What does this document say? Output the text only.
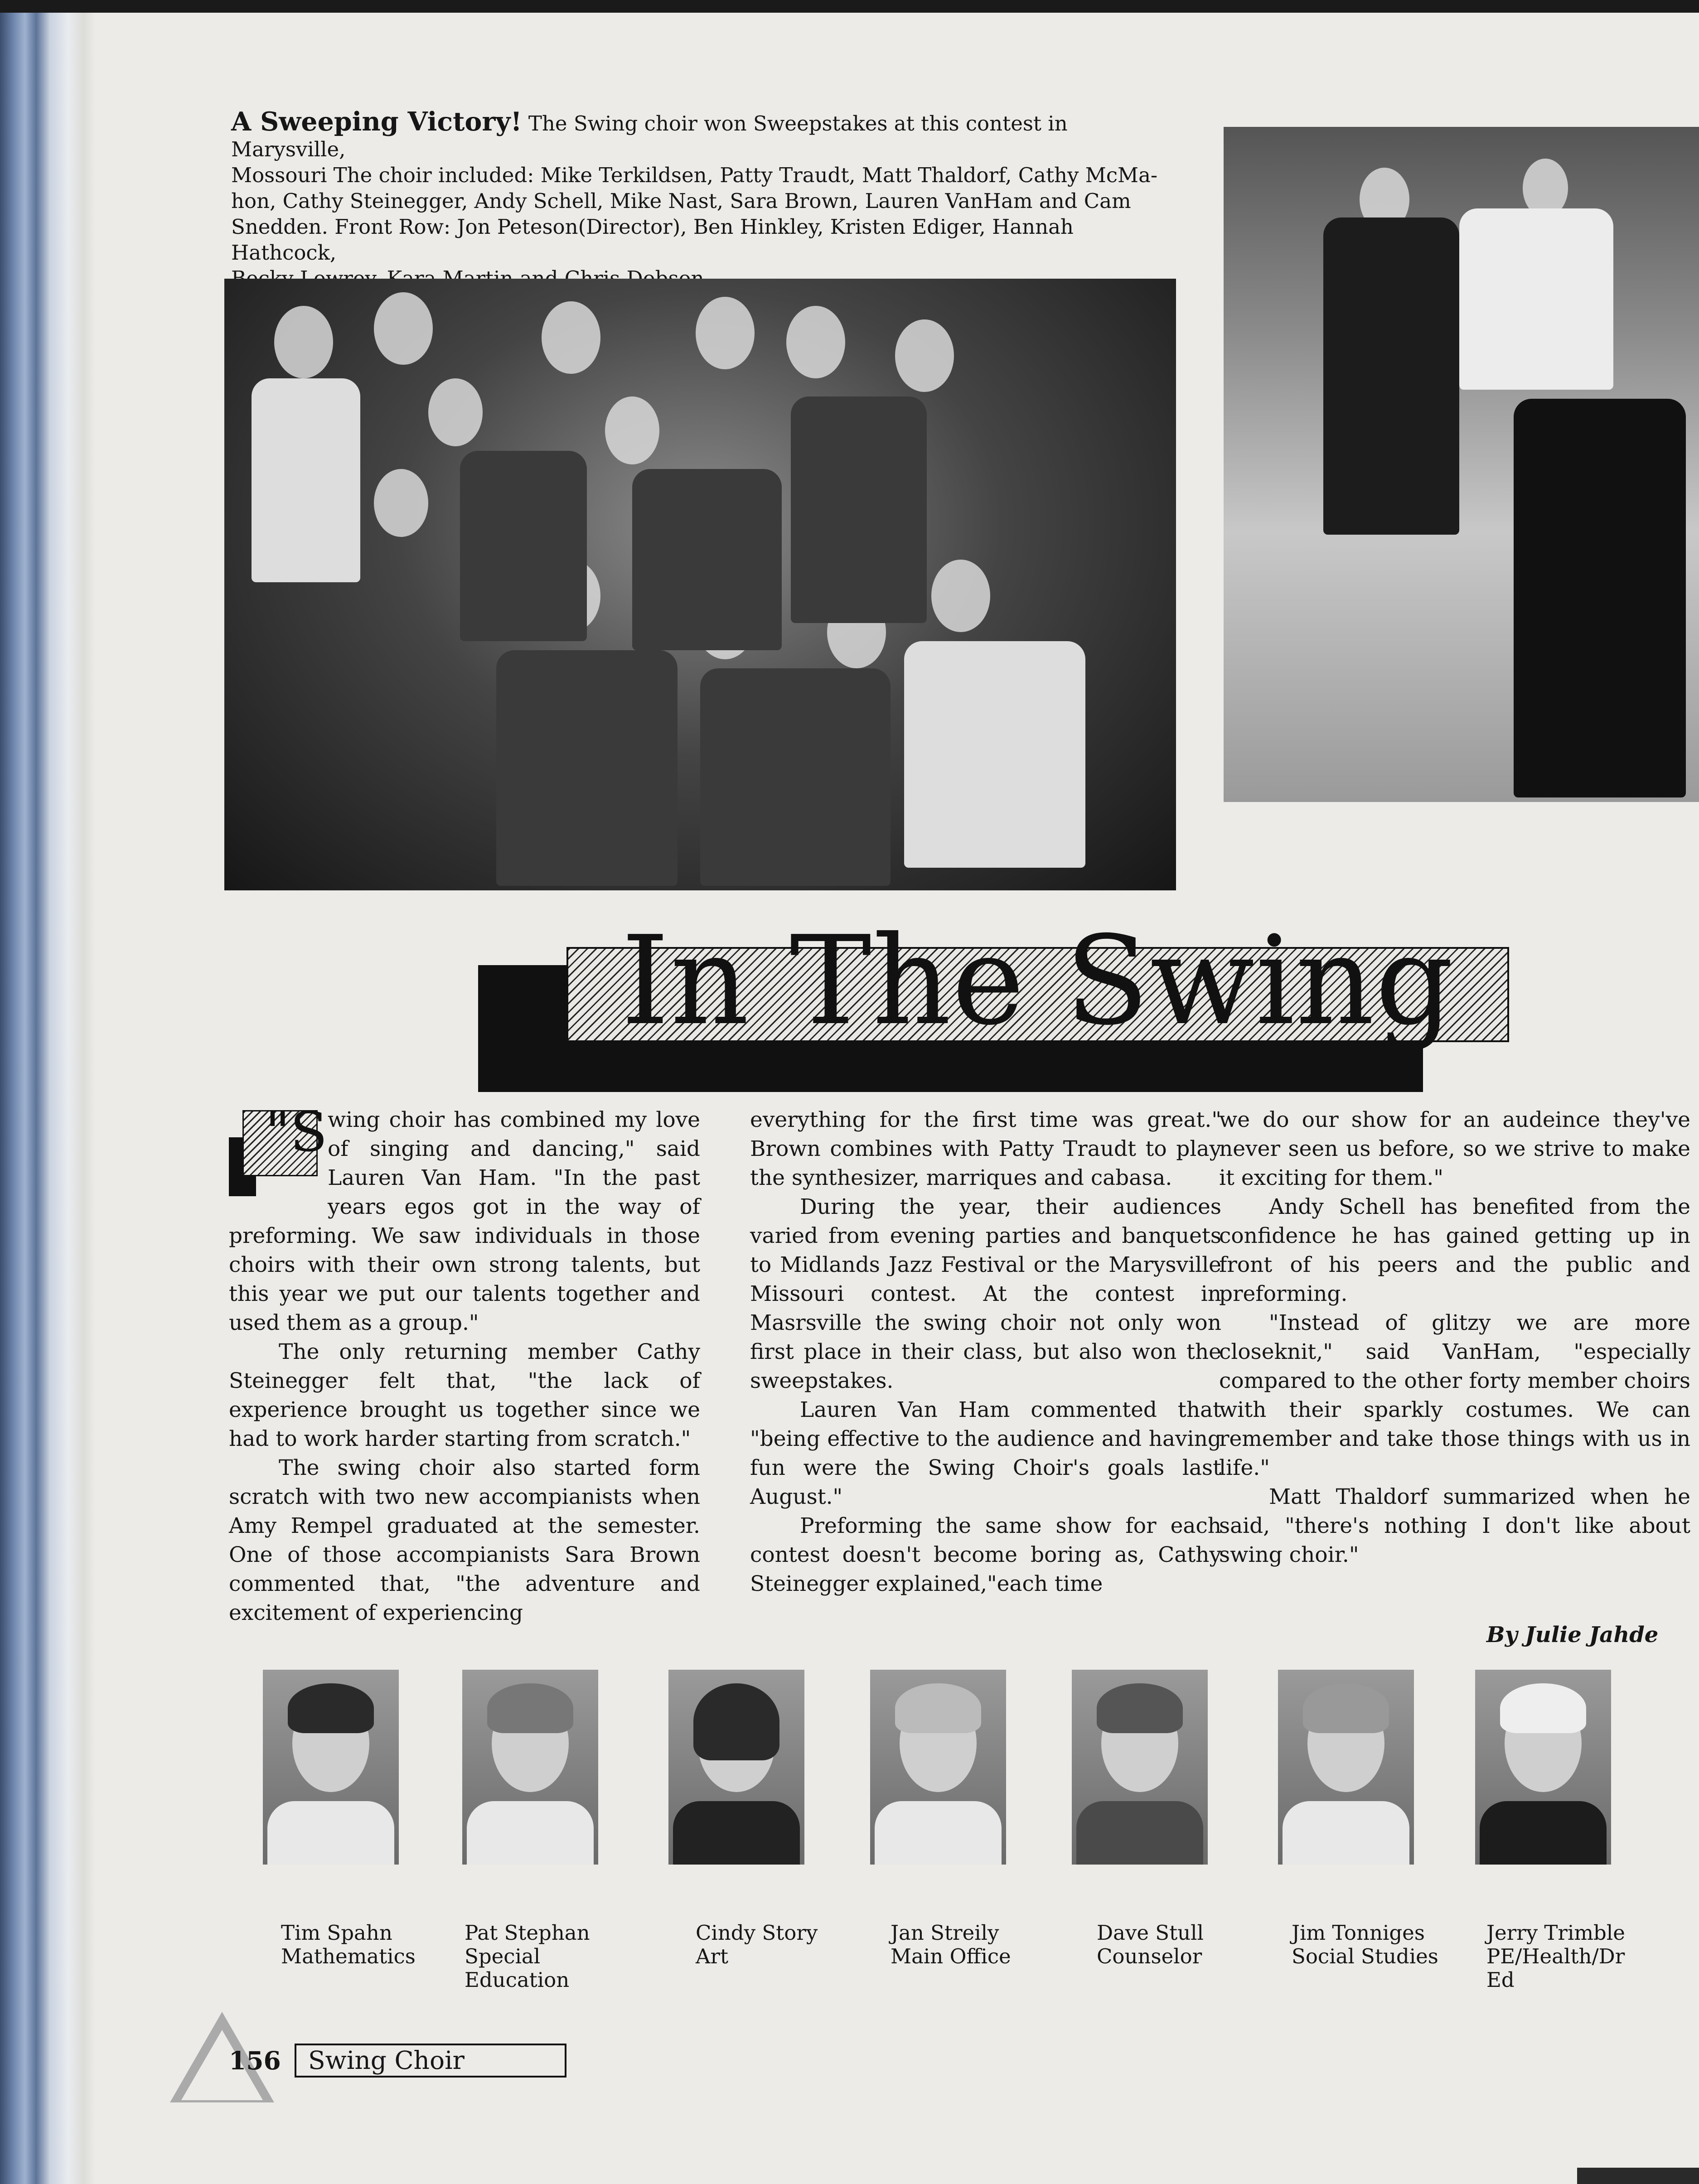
A Sweeping Victory! The Swing choir won Sweepstakes at this contest in Marysville,
Mossouri The choir included: Mike Terkildsen, Patty Traudt, Matt Thaldorf, Cathy McMa-
hon, Cathy Steinegger, Andy Schell, Mike Nast, Sara Brown, Lauren VanHam and Cam
Snedden. Front Row: Jon Peteson(Director), Ben Hinkley, Kristen Ediger, Hannah Hathcock,

In The Swing
"S wing choir has combined my love of singing and dancing," said Lauren Van Ham. "In the past years egos got in the way of preforming. We saw individuals in those choirs with their own strong talents, but this year we put our talents together and used them as a group."

The only returning member Cathy Steinegger felt that, "the lack of experience brought us together since we had to work harder starting from scratch."

The swing choir also started form scratch with two new accompianists when Amy Rempel graduated at the semester. One of those accompianists Sara Brown commented that, "the adventure and excitement of experiencing

everything for the first time was great." Brown combines with Patty Traudt to play the synthesizer, marriques and cabasa.

During the year, their audiences varied from evening parties and banquets to Midlands Jazz Festival or the Marysville Missouri contest. At the contest in Masrsville the swing choir not only won first place in their class, but also won the sweepstakes.

Lauren Van Ham commented that "being effective to the audience and having fun were the Swing Choir's goals last August."

Preforming the same show for each contest doesn't become boring as, Cathy Steinegger explained,"each time

we do our show for an audeince they've never seen us before, so we strive to make it exciting for them."

Andy Schell has benefited from the confidence he has gained getting up in front of his peers and the public and preforming.

"Instead of glitzy we are more closeknit," said VanHam, "especially compared to the other forty member choirs with their sparkly costumes. We can remember and take those things with us in life."

Matt Thaldorf summarized when he said, "there's nothing I don't like about swing choir."

By Julie Jahde
Tim Spahn
Mathematics
Pat Stephan
Special Education
Cindy Story
Art
Jan Streily
Main Office
Dave Stull
Counselor
Jim Tonniges
Social Studies
Jerry Trimble
PE/Health/Dr Ed
156 Swing Choir
